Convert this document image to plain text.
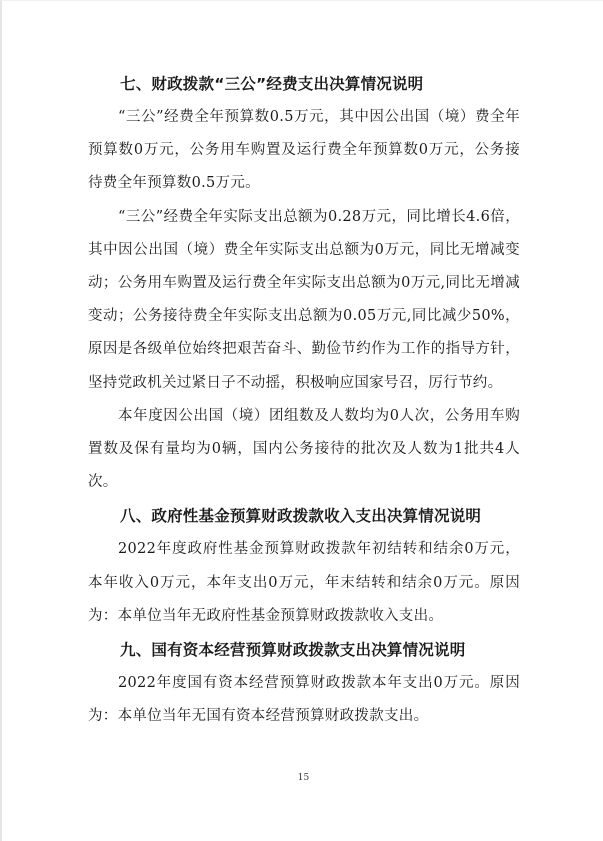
七、财政拨款“三公”经费支出决算情况说明

“三公”经费全年预算数0.5万元，其中因公出国（境）费全年预算数0万元，公务用车购置及运行费全年预算数0万元，公务接待费全年预算数0.5万元。

“三公”经费全年实际支出总额为0.28万元，同比增长4.6倍，其中因公出国（境）费全年实际支出总额为0万元，同比无增减变动；公务用车购置及运行费全年实际支出总额为0万元,同比无增减变动；公务接待费全年实际支出总额为0.05万元,同比减少50%，原因是各级单位始终把艰苦奋斗、勤俭节约作为工作的指导方针，坚持党政机关过紧日子不动摇，积极响应国家号召，厉行节约。

本年度因公出国（境）团组数及人数均为0人次，公务用车购置数及保有量均为0辆，国内公务接待的批次及人数为1批共4人次。

八、政府性基金预算财政拨款收入支出决算情况说明

2022年度政府性基金预算财政拨款年初结转和结余0万元，本年收入0万元，本年支出0万元，年末结转和结余0万元。原因为：本单位当年无政府性基金预算财政拨款收入支出。

九、国有资本经营预算财政拨款支出决算情况说明

2022年度国有资本经营预算财政拨款本年支出0万元。原因为：本单位当年无国有资本经营预算财政拨款支出。

15
